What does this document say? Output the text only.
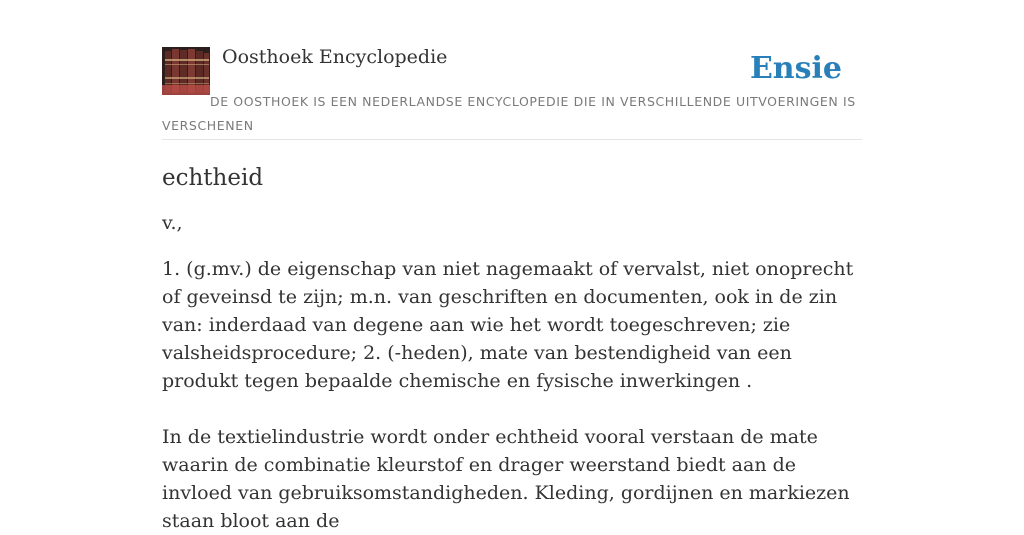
Oosthoek Encyclopedie	Ensie
DE OOSTHOEK IS EEN NEDERLANDSE ENCYCLOPEDIE DIE IN VERSCHILLENDE UITVOERINGEN IS VERSCHENEN
echtheid

v.,

1. (g.mv.) de eigenschap van niet nagemaakt of vervalst, niet onoprecht of geveinsd te zijn; m.n. van geschriften en documenten, ook in de zin van: inderdaad van degene aan wie het wordt toegeschreven; zie valsheidsprocedure; 2. (-heden), mate van bestendigheid van een produkt tegen bepaalde chemische en fysische inwerkingen .

In de textielindustrie wordt onder echtheid vooral verstaan de mate waarin de combinatie kleurstof en drager weerstand biedt aan de invloed van gebruiksomstandigheden. Kleding, gordijnen en markiezen staan bloot aan de
